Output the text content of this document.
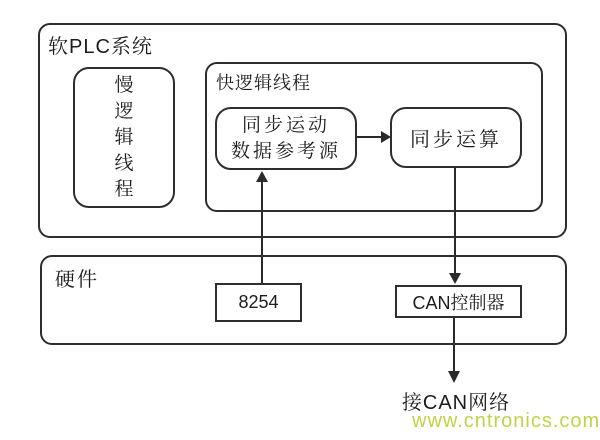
软PLC系统
慢逻辑线程
快逻辑线程
同步运动
数据参考源	同步运算
硬件
8254	CAN控制器
接CAN网络
www.cntronics.com
